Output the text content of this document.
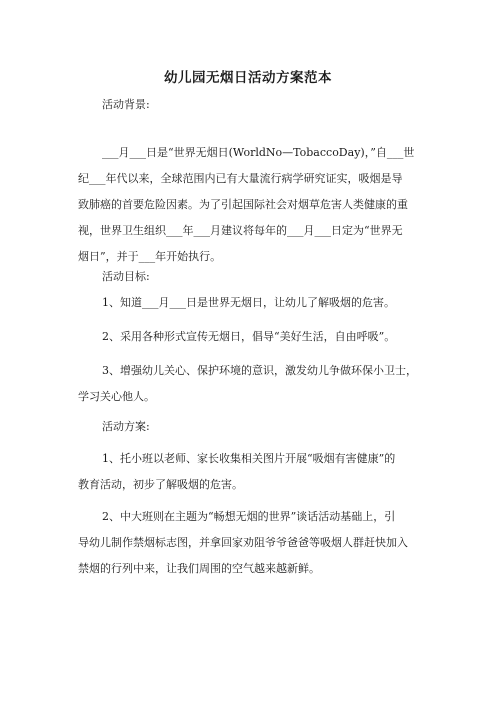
幼儿园无烟日活动方案范本
活动背景:
___月___日是“世界无烟日(WorldNo—TobaccoDay)，”自___世
纪___年代以来，全球范围内已有大量流行病学研究证实，吸烟是导
致肺癌的首要危险因素。为了引起国际社会对烟草危害人类健康的重
视，世界卫生组织___年___月建议将每年的___月___日定为“世界无
烟日”，并于___年开始执行。
活动目标:
1、知道___月___日是世界无烟日，让幼儿了解吸烟的危害。
2、采用各种形式宣传无烟日，倡导“美好生活，自由呼吸”。
3、增强幼儿关心、保护环境的意识，激发幼儿争做环保小卫士，
学习关心他人。
活动方案:
1、托小班以老师、家长收集相关图片开展“吸烟有害健康”的
教育活动，初步了解吸烟的危害。
2、中大班则在主题为“畅想无烟的世界”谈话活动基础上，引
导幼儿制作禁烟标志图，并拿回家劝阻爷爷爸爸等吸烟人群赶快加入
禁烟的行列中来，让我们周围的空气越来越新鲜。
